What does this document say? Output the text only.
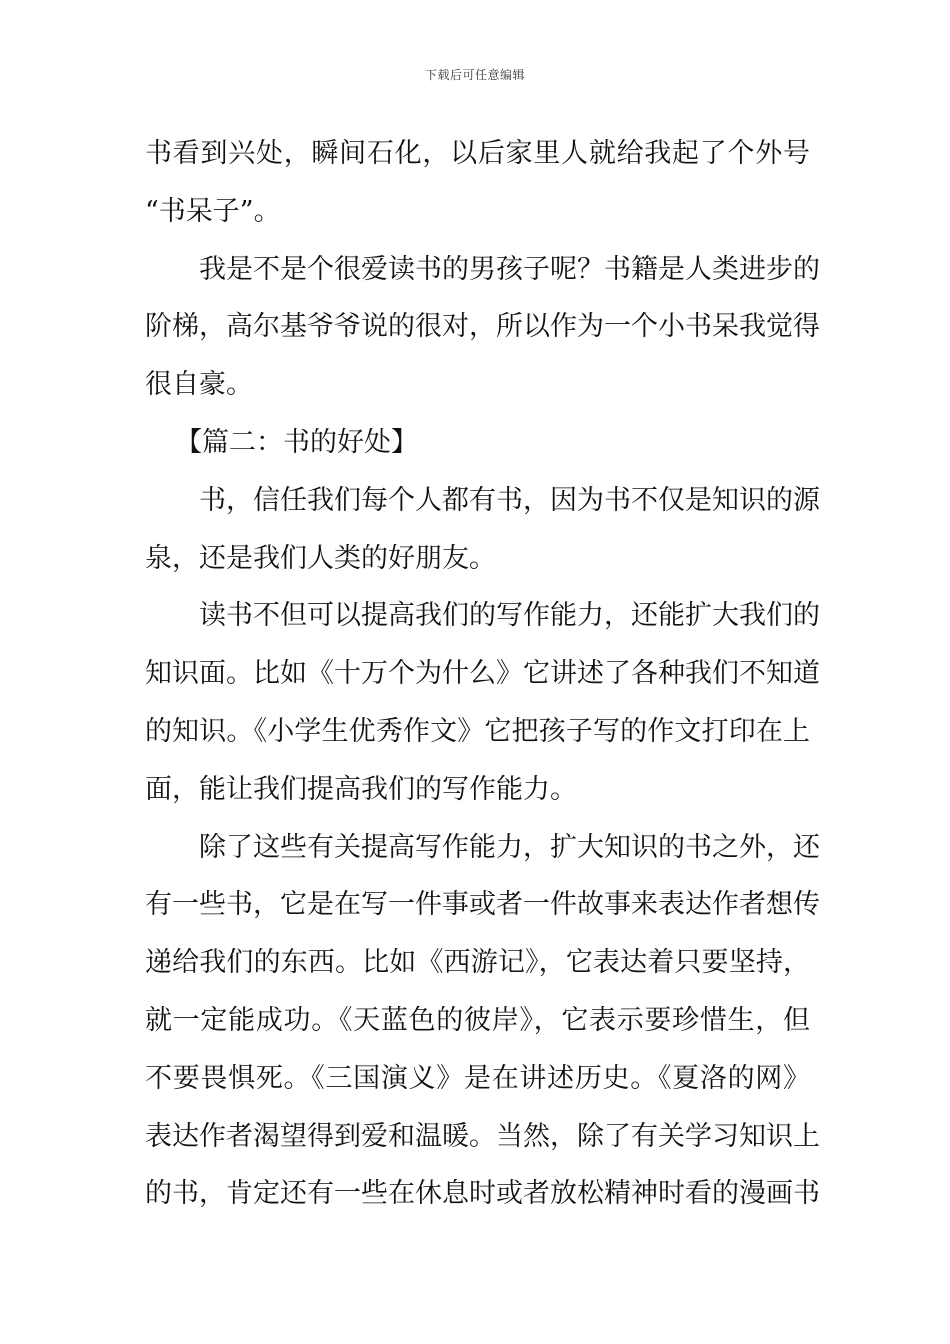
下载后可任意编辑
书看到兴处，瞬间石化，以后家里人就给我起了个外号
“书呆子”。
我是不是个很爱读书的男孩子呢？书籍是人类进步的
阶梯，高尔基爷爷说的很对，所以作为一个小书呆我觉得
很自豪。
【篇二：书的好处】
书，信任我们每个人都有书，因为书不仅是知识的源
泉，还是我们人类的好朋友。
读书不但可以提高我们的写作能力，还能扩大我们的
知识面。比如《十万个为什么》它讲述了各种我们不知道
的知识。《小学生优秀作文》它把孩子写的作文打印在上
面，能让我们提高我们的写作能力。
除了这些有关提高写作能力，扩大知识的书之外，还
有一些书，它是在写一件事或者一件故事来表达作者想传
递给我们的东西。比如《西游记》，它表达着只要坚持，
就一定能成功。《天蓝色的彼岸》，它表示要珍惜生，但
不要畏惧死。《三国演义》是在讲述历史。《夏洛的网》
表达作者渴望得到爱和温暖。当然，除了有关学习知识上
的书，肯定还有一些在休息时或者放松精神时看的漫画书
